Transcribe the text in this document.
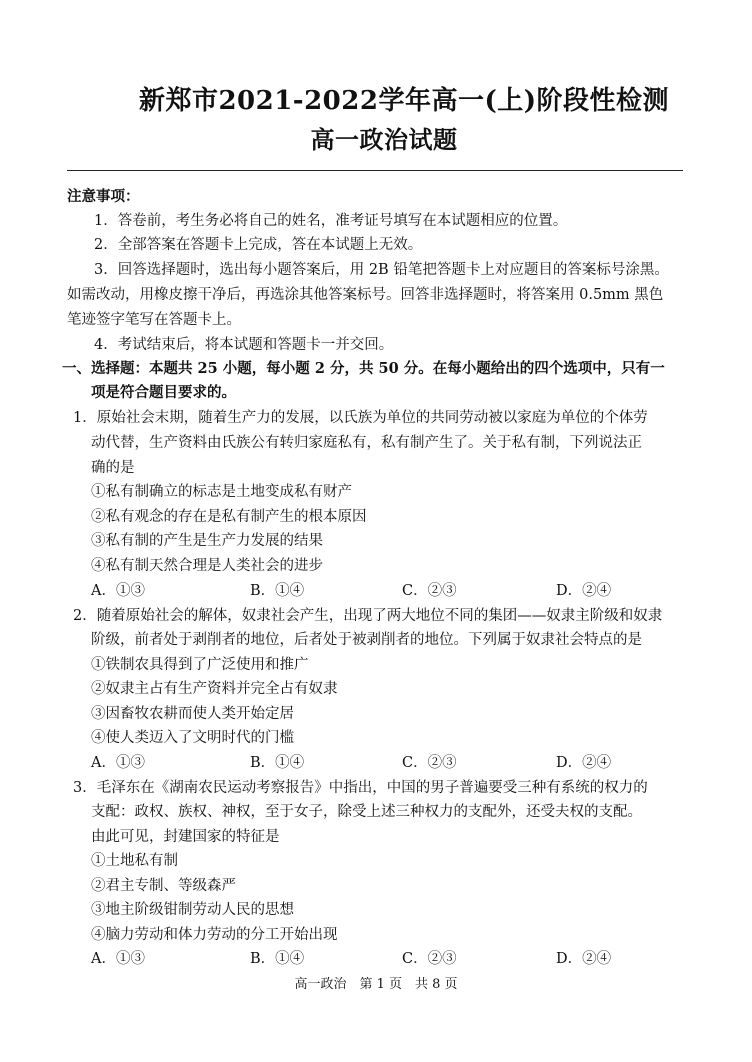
新郑市2021-2022学年高一(上)阶段性检测
高一政治试题
注意事项：
1．答卷前，考生务必将自己的姓名，准考证号填写在本试题相应的位置。
2．全部答案在答题卡上完成，答在本试题上无效。
3．回答选择题时，选出每小题答案后，用 2B 铅笔把答题卡上对应题目的答案标号涂黑。
如需改动，用橡皮擦干净后，再选涂其他答案标号。回答非选择题时，将答案用 0.5mm 黑色
笔迹签字笔写在答题卡上。
4．考试结束后，将本试题和答题卡一并交回。
一、选择题：本题共 25 小题，每小题 2 分，共 50 分。在每小题给出的四个选项中，只有一
项是符合题目要求的。
1．原始社会末期，随着生产力的发展，以氏族为单位的共同劳动被以家庭为单位的个体劳
动代替，生产资料由氏族公有转归家庭私有，私有制产生了。关于私有制，下列说法正
确的是
①私有制确立的标志是土地变成私有财产
②私有观念的存在是私有制产生的根本原因
③私有制的产生是生产力发展的结果
④私有制天然合理是人类社会的进步
A．①③	B．①④	C．②③	D．②④
2．随着原始社会的解体，奴隶社会产生，出现了两大地位不同的集团——奴隶主阶级和奴隶
阶级，前者处于剥削者的地位，后者处于被剥削者的地位。下列属于奴隶社会特点的是
①铁制农具得到了广泛使用和推广
②奴隶主占有生产资料并完全占有奴隶
③因畜牧农耕而使人类开始定居
④使人类迈入了文明时代的门槛
A．①③	B．①④	C．②③	D．②④
3．毛泽东在《湖南农民运动考察报告》中指出，中国的男子普遍要受三种有系统的权力的
支配：政权、族权、神权，至于女子，除受上述三种权力的支配外，还受夫权的支配。
由此可见，封建国家的特征是
①土地私有制
②君主专制、等级森严
③地主阶级钳制劳动人民的思想
④脑力劳动和体力劳动的分工开始出现
A．①③	B．①④	C．②③	D．②④
高一政治　第 1 页　共 8 页
